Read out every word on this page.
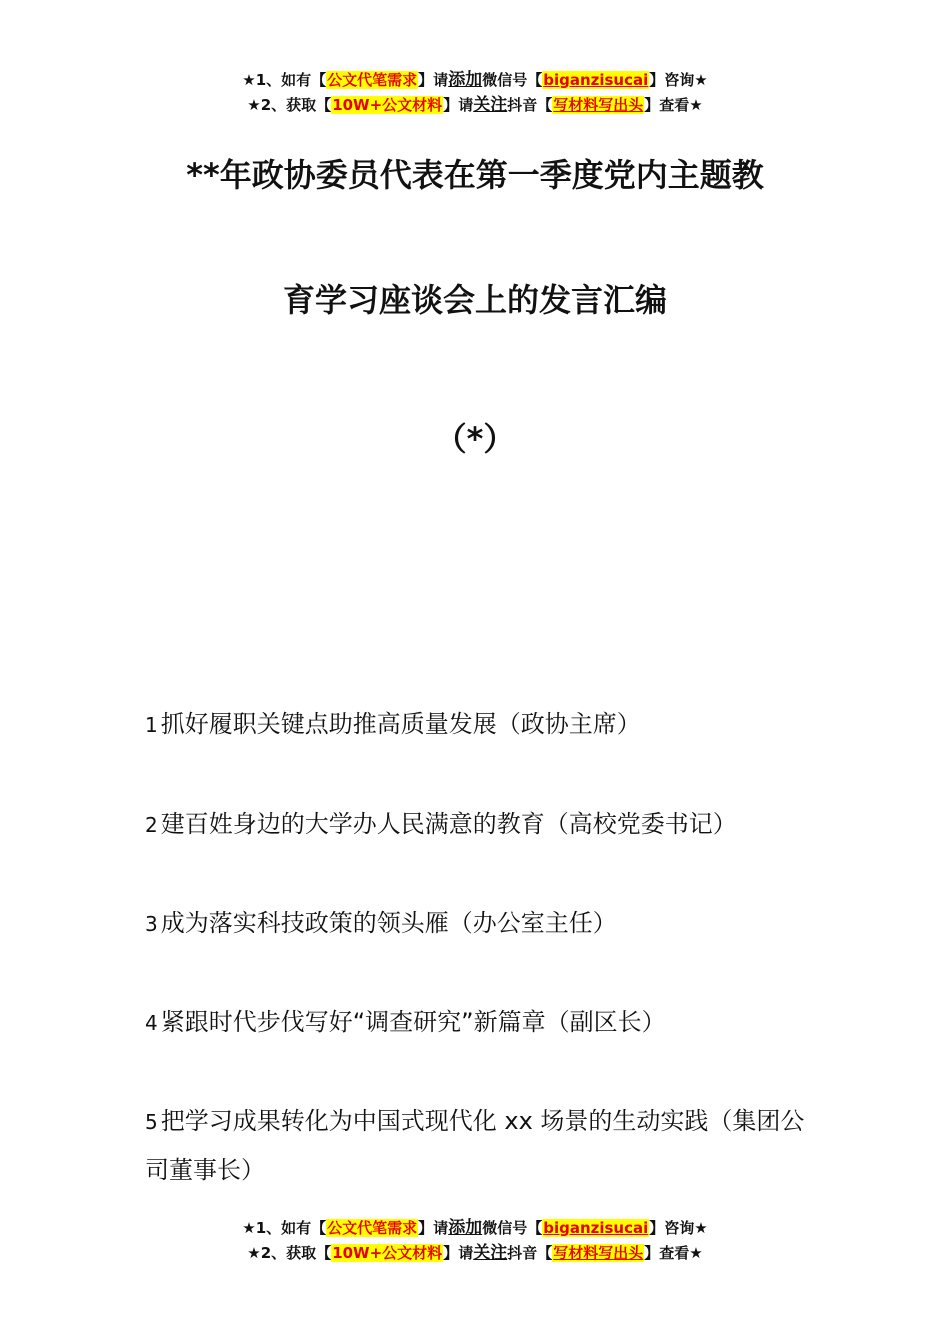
★1、如有【公文代笔需求】请添加微信号【biganzisucai】咨询★
★2、获取【10W+公文材料】请关注抖音【写材料写出头】查看★
**年政协委员代表在第一季度党内主题教
育学习座谈会上的发言汇编
（*）
1 抓好履职关键点助推高质量发展（政协主席）
2 建百姓身边的大学办人民满意的教育（高校党委书记）
3 成为落实科技政策的领头雁（办公室主任）
4 紧跟时代步伐写好“调查研究”新篇章（副区长）
5 把学习成果转化为中国式现代化 xx 场景的生动实践（集团公司董事长）
★1、如有【公文代笔需求】请添加微信号【biganzisucai】咨询★
★2、获取【10W+公文材料】请关注抖音【写材料写出头】查看★
